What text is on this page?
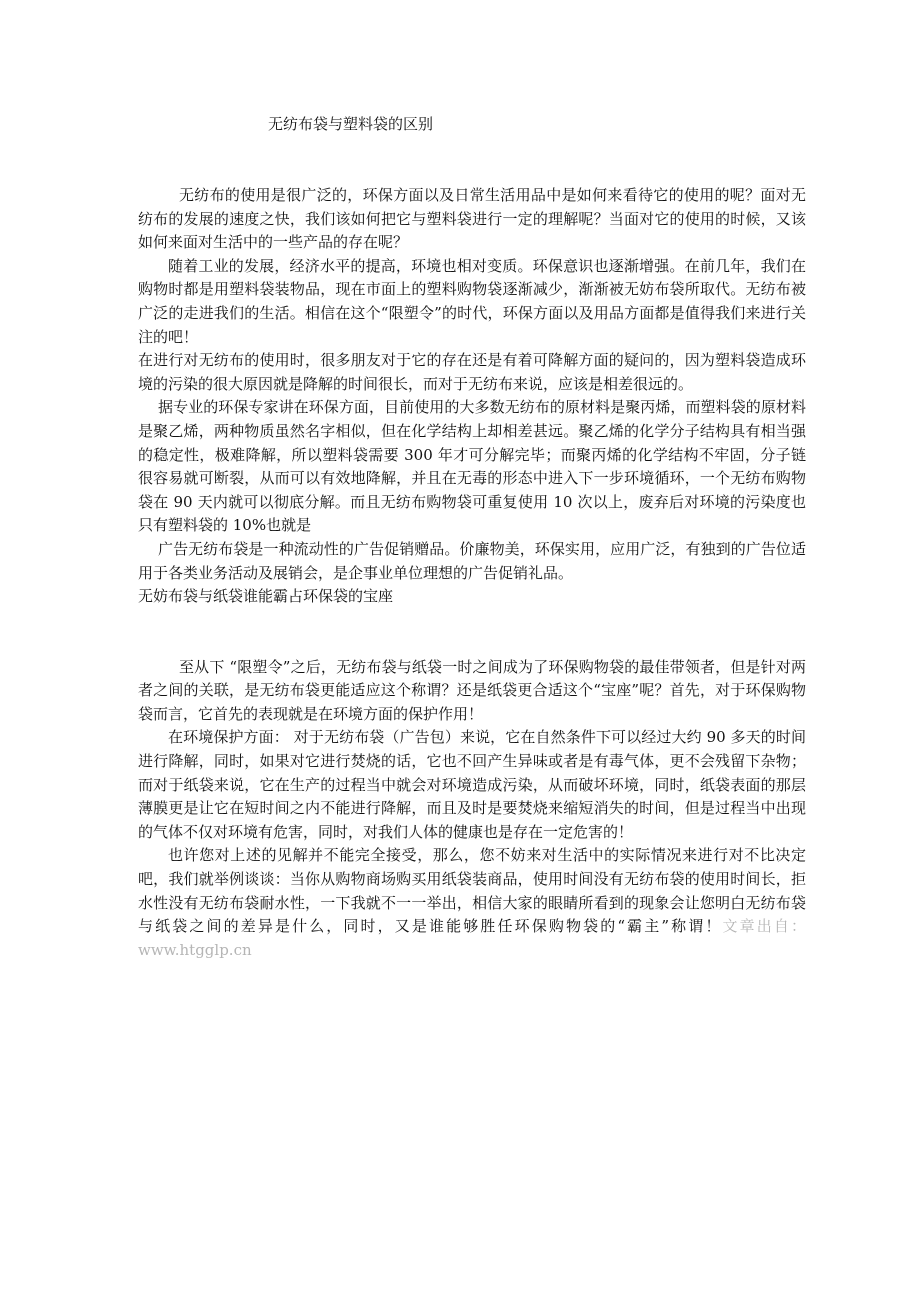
无纺布袋与塑料袋的区别

无纺布的使用是很广泛的，环保方面以及日常生活用品中是如何来看待它的使用的呢？面对无纺布的发展的速度之快，我们该如何把它与塑料袋进行一定的理解呢？当面对它的使用的时候，又该如何来面对生活中的一些产品的存在呢？

随着工业的发展，经济水平的提高，环境也相对变质。环保意识也逐渐增强。在前几年，我们在购物时都是用塑料袋装物品，现在市面上的塑料购物袋逐渐减少，渐渐被无妨布袋所取代。无纺布被广泛的走进我们的生活。相信在这个“限塑令”的时代，环保方面以及用品方面都是值得我们来进行关注的吧！

在进行对无纺布的使用时，很多朋友对于它的存在还是有着可降解方面的疑问的，因为塑料袋造成环境的污染的很大原因就是降解的时间很长，而对于无纺布来说，应该是相差很远的。

据专业的环保专家讲在环保方面，目前使用的大多数无纺布的原材料是聚丙烯，而塑料袋的原材料是聚乙烯，两种物质虽然名字相似，但在化学结构上却相差甚远。聚乙烯的化学分子结构具有相当强的稳定性，极难降解，所以塑料袋需要 300 年才可分解完毕；而聚丙烯的化学结构不牢固，分子链很容易就可断裂，从而可以有效地降解，并且在无毒的形态中进入下一步环境循环，一个无纺布购物袋在 90 天内就可以彻底分解。而且无纺布购物袋可重复使用 10 次以上，废弃后对环境的污染度也只有塑料袋的 10%也就是

广告无纺布袋是一种流动性的广告促销赠品。价廉物美，环保实用，应用广泛，有独到的广告位适用于各类业务活动及展销会，是企事业单位理想的广告促销礼品。

无妨布袋与纸袋谁能霸占环保袋的宝座

至从下 “限塑令”之后，无纺布袋与纸袋一时之间成为了环保购物袋的最佳带领者，但是针对两者之间的关联，是无纺布袋更能适应这个称谓？还是纸袋更合适这个“宝座”呢？首先，对于环保购物袋而言，它首先的表现就是在环境方面的保护作用！

在环境保护方面： 对于无纺布袋（广告包）来说，它在自然条件下可以经过大约 90 多天的时间进行降解，同时，如果对它进行焚烧的话，它也不回产生异味或者是有毒气体，更不会残留下杂物；而对于纸袋来说，它在生产的过程当中就会对环境造成污染，从而破坏环境，同时，纸袋表面的那层薄膜更是让它在短时间之内不能进行降解，而且及时是要焚烧来缩短消失的时间，但是过程当中出现的气体不仅对环境有危害，同时，对我们人体的健康也是存在一定危害的！

也许您对上述的见解并不能完全接受，那么，您不妨来对生活中的实际情况来进行对不比决定吧，我们就举例谈谈：当你从购物商场购买用纸袋装商品，使用时间没有无纺布袋的使用时间长，拒水性没有无纺布袋耐水性，一下我就不一一举出，相信大家的眼睛所看到的现象会让您明白无纺布袋与纸袋之间的差异是什么，同时，又是谁能够胜任环保购物袋的“霸主”称谓！文章出自：www.htgglp.cn
